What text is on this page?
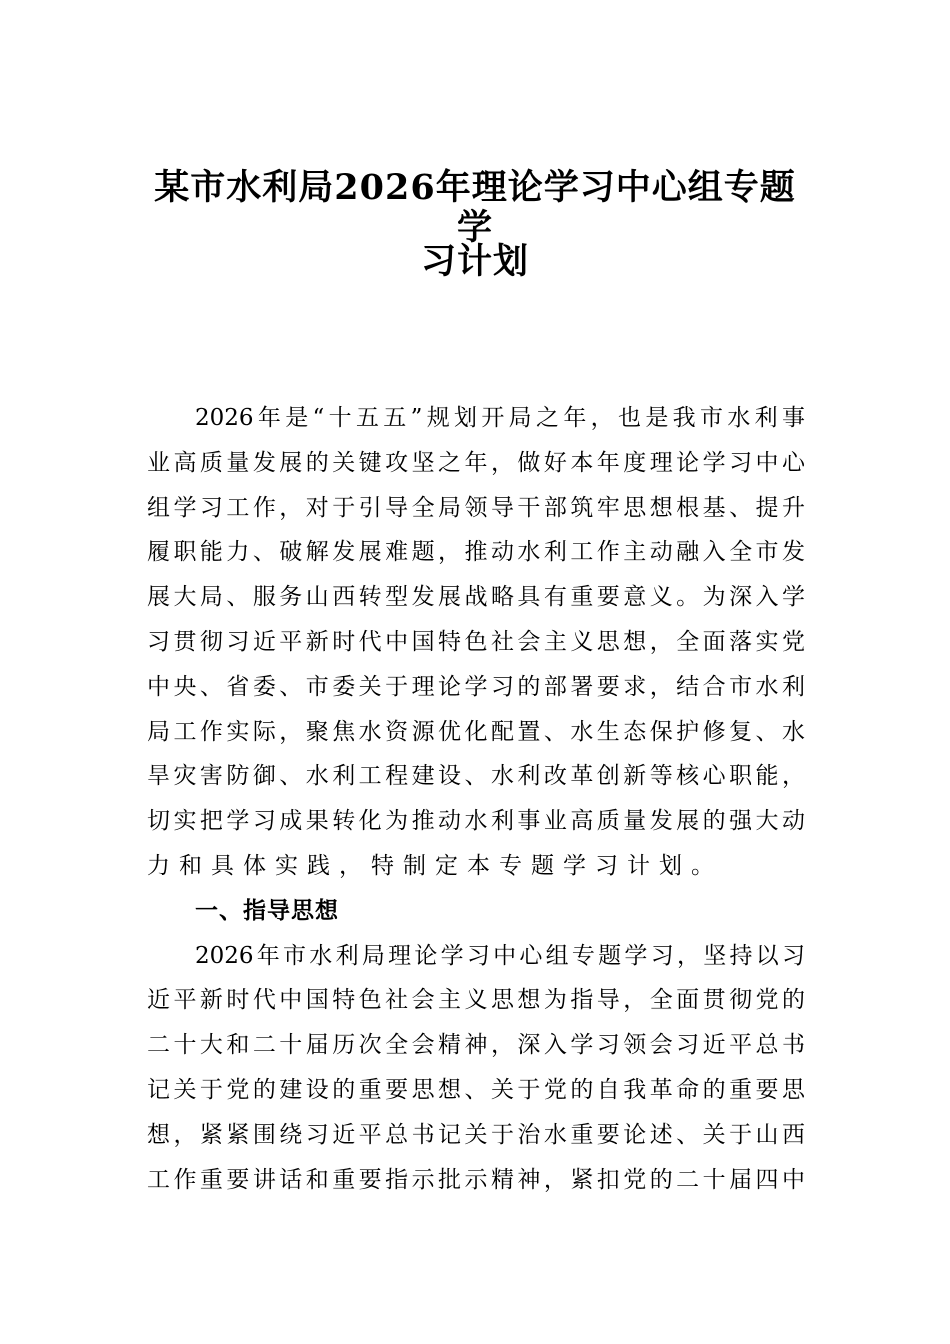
某市水利局2026年理论学习中心组专题学
习计划
2026年是“十五五”规划开局之年，也是我市水利事
业高质量发展的关键攻坚之年，做好本年度理论学习中心
组学习工作，对于引导全局领导干部筑牢思想根基、提升
履职能力、破解发展难题，推动水利工作主动融入全市发
展大局、服务山西转型发展战略具有重要意义。为深入学
习贯彻习近平新时代中国特色社会主义思想，全面落实党
中央、省委、市委关于理论学习的部署要求，结合市水利
局工作实际，聚焦水资源优化配置、水生态保护修复、水
旱灾害防御、水利工程建设、水利改革创新等核心职能，
切实把学习成果转化为推动水利事业高质量发展的强大动
力和具体实践，特制定本专题学习计划。
一、指导思想
2026年市水利局理论学习中心组专题学习，坚持以习
近平新时代中国特色社会主义思想为指导，全面贯彻党的
二十大和二十届历次全会精神，深入学习领会习近平总书
记关于党的建设的重要思想、关于党的自我革命的重要思
想，紧紧围绕习近平总书记关于治水重要论述、关于山西
工作重要讲话和重要指示批示精神，紧扣党的二十届四中
